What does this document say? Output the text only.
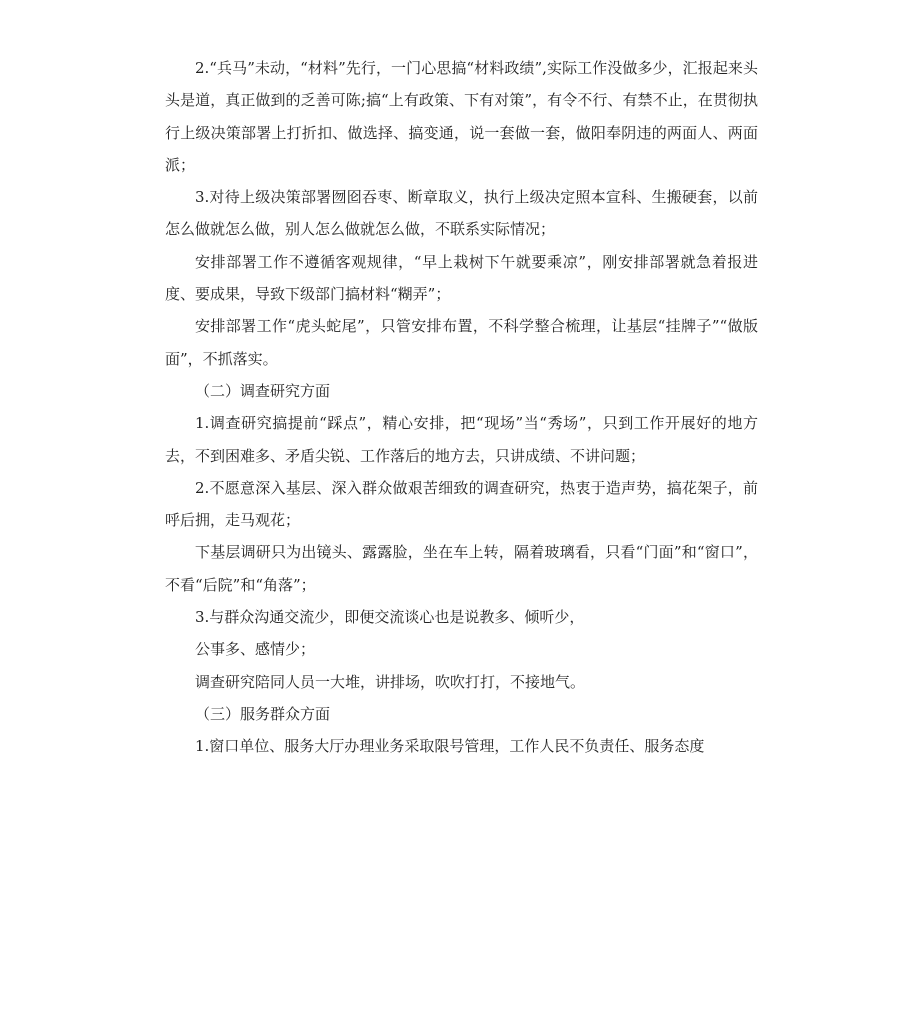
2.“兵马”未动，“材料”先行，一门心思搞“材料政绩”,实际工作没做多少，汇报起来头头是道，真正做到的乏善可陈;搞“上有政策、下有对策”，有令不行、有禁不止，在贯彻执行上级决策部署上打折扣、做选择、搞变通，说一套做一套，做阳奉阴违的两面人、两面派；

3.对待上级决策部署囫囵吞枣、断章取义，执行上级决定照本宣科、生搬硬套，以前怎么做就怎么做，别人怎么做就怎么做，不联系实际情况；

安排部署工作不遵循客观规律，“早上栽树下午就要乘凉”，刚安排部署就急着报进度、要成果，导致下级部门搞材料“糊弄”；

安排部署工作“虎头蛇尾”，只管安排布置，不科学整合梳理，让基层“挂牌子”“做版面”，不抓落实。

（二）调查研究方面

1.调查研究搞提前“踩点”，精心安排，把“现场”当“秀场”，只到工作开展好的地方去，不到困难多、矛盾尖锐、工作落后的地方去，只讲成绩、不讲问题；

2.不愿意深入基层、深入群众做艰苦细致的调查研究，热衷于造声势，搞花架子，前呼后拥，走马观花；

下基层调研只为出镜头、露露脸，坐在车上转，隔着玻璃看，只看“门面”和“窗口”，不看“后院”和“角落”；

3.与群众沟通交流少，即便交流谈心也是说教多、倾听少，

公事多、感情少；

调查研究陪同人员一大堆，讲排场，吹吹打打，不接地气。

（三）服务群众方面

1.窗口单位、服务大厅办理业务采取限号管理，工作人民不负责任、服务态度
